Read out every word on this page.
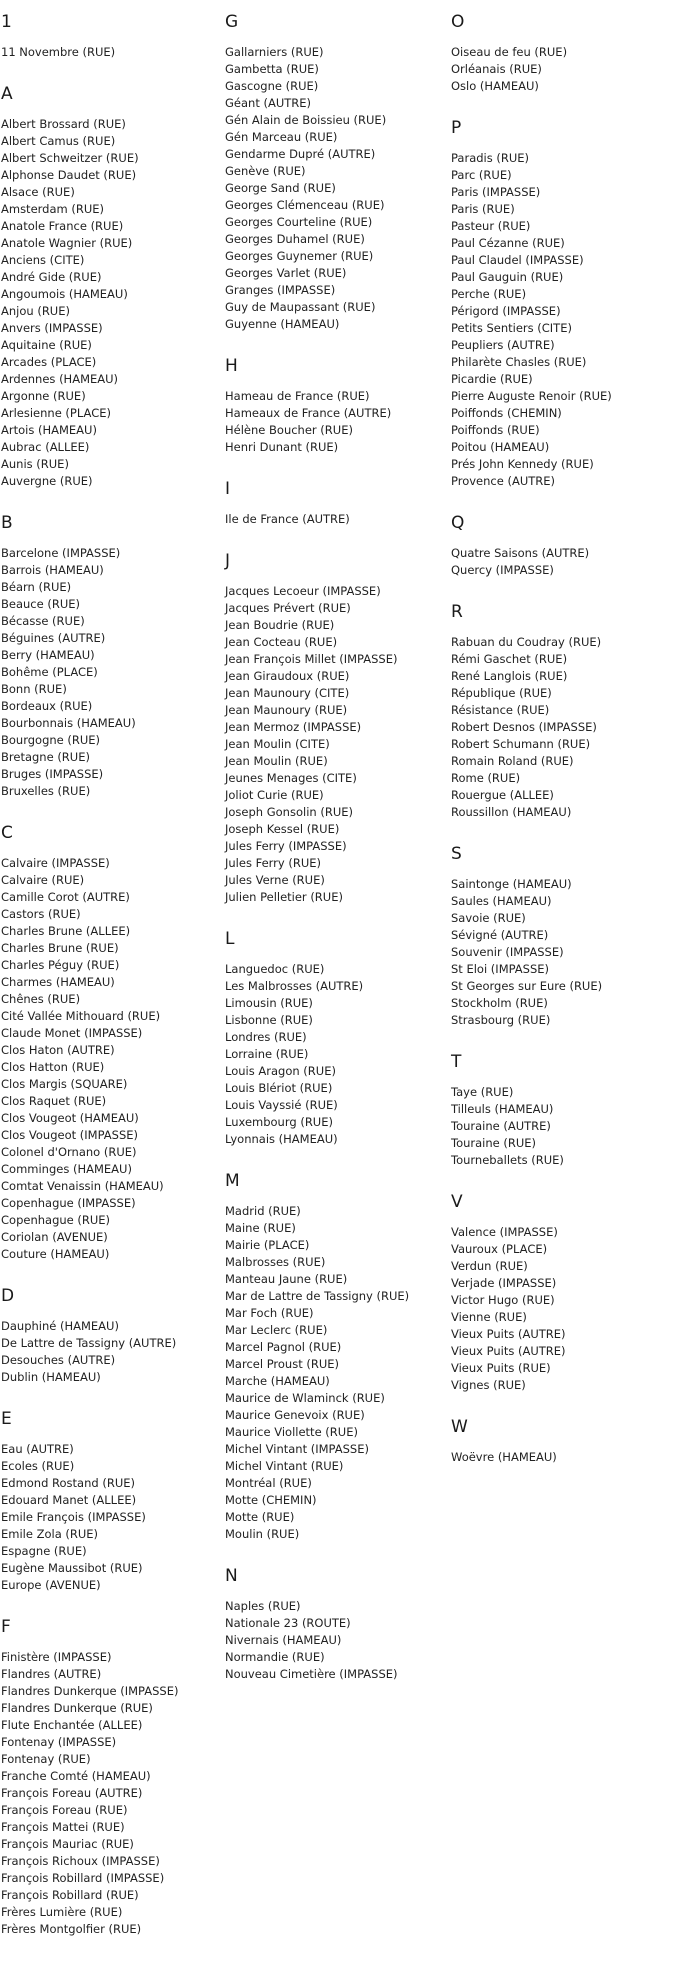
1
11 Novembre (RUE)
A
Albert Brossard (RUE)
Albert Camus (RUE)
Albert Schweitzer (RUE)
Alphonse Daudet (RUE)
Alsace (RUE)
Amsterdam (RUE)
Anatole France (RUE)
Anatole Wagnier (RUE)
Anciens (CITE)
André Gide (RUE)
Angoumois (HAMEAU)
Anjou (RUE)
Anvers (IMPASSE)
Aquitaine (RUE)
Arcades (PLACE)
Ardennes (HAMEAU)
Argonne (RUE)
Arlesienne (PLACE)
Artois (HAMEAU)
Aubrac (ALLEE)
Aunis (RUE)
Auvergne (RUE)
B
Barcelone (IMPASSE)
Barrois (HAMEAU)
Béarn (RUE)
Beauce (RUE)
Bécasse (RUE)
Béguines (AUTRE)
Berry (HAMEAU)
Bohême (PLACE)
Bonn (RUE)
Bordeaux (RUE)
Bourbonnais (HAMEAU)
Bourgogne (RUE)
Bretagne (RUE)
Bruges (IMPASSE)
Bruxelles (RUE)
C
Calvaire (IMPASSE)
Calvaire (RUE)
Camille Corot (AUTRE)
Castors (RUE)
Charles Brune (ALLEE)
Charles Brune (RUE)
Charles Péguy (RUE)
Charmes (HAMEAU)
Chênes (RUE)
Cité Vallée Mithouard (RUE)
Claude Monet (IMPASSE)
Clos Haton (AUTRE)
Clos Hatton (RUE)
Clos Margis (SQUARE)
Clos Raquet (RUE)
Clos Vougeot (HAMEAU)
Clos Vougeot (IMPASSE)
Colonel d'Ornano (RUE)
Comminges (HAMEAU)
Comtat Venaissin (HAMEAU)
Copenhague (IMPASSE)
Copenhague (RUE)
Coriolan (AVENUE)
Couture (HAMEAU)
D
Dauphiné (HAMEAU)
De Lattre de Tassigny (AUTRE)
Desouches (AUTRE)
Dublin (HAMEAU)
E
Eau (AUTRE)
Ecoles (RUE)
Edmond Rostand (RUE)
Edouard Manet (ALLEE)
Emile François (IMPASSE)
Emile Zola (RUE)
Espagne (RUE)
Eugène Maussibot (RUE)
Europe (AVENUE)
F
Finistère (IMPASSE)
Flandres (AUTRE)
Flandres Dunkerque (IMPASSE)
Flandres Dunkerque (RUE)
Flute Enchantée (ALLEE)
Fontenay (IMPASSE)
Fontenay (RUE)
Franche Comté (HAMEAU)
François Foreau (AUTRE)
François Foreau (RUE)
François Mattei (RUE)
François Mauriac (RUE)
François Richoux (IMPASSE)
François Robillard (IMPASSE)
François Robillard (RUE)
Frères Lumière (RUE)
Frères Montgolfier (RUE)
G
Gallarniers (RUE)
Gambetta (RUE)
Gascogne (RUE)
Géant (AUTRE)
Gén Alain de Boissieu (RUE)
Gén Marceau (RUE)
Gendarme Dupré (AUTRE)
Genève (RUE)
George Sand (RUE)
Georges Clémenceau (RUE)
Georges Courteline (RUE)
Georges Duhamel (RUE)
Georges Guynemer (RUE)
Georges Varlet (RUE)
Granges (IMPASSE)
Guy de Maupassant (RUE)
Guyenne (HAMEAU)
H
Hameau de France (RUE)
Hameaux de France (AUTRE)
Hélène Boucher (RUE)
Henri Dunant (RUE)
I
Ile de France (AUTRE)
J
Jacques Lecoeur (IMPASSE)
Jacques Prévert (RUE)
Jean Boudrie (RUE)
Jean Cocteau (RUE)
Jean François Millet (IMPASSE)
Jean Giraudoux (RUE)
Jean Maunoury (CITE)
Jean Maunoury (RUE)
Jean Mermoz (IMPASSE)
Jean Moulin (CITE)
Jean Moulin (RUE)
Jeunes Menages (CITE)
Joliot Curie (RUE)
Joseph Gonsolin (RUE)
Joseph Kessel (RUE)
Jules Ferry (IMPASSE)
Jules Ferry (RUE)
Jules Verne (RUE)
Julien Pelletier (RUE)
L
Languedoc (RUE)
Les Malbrosses (AUTRE)
Limousin (RUE)
Lisbonne (RUE)
Londres (RUE)
Lorraine (RUE)
Louis Aragon (RUE)
Louis Blériot (RUE)
Louis Vayssié (RUE)
Luxembourg (RUE)
Lyonnais (HAMEAU)
M
Madrid (RUE)
Maine (RUE)
Mairie (PLACE)
Malbrosses (RUE)
Manteau Jaune (RUE)
Mar de Lattre de Tassigny (RUE)
Mar Foch (RUE)
Mar Leclerc (RUE)
Marcel Pagnol (RUE)
Marcel Proust (RUE)
Marche (HAMEAU)
Maurice de Wlaminck (RUE)
Maurice Genevoix (RUE)
Maurice Viollette (RUE)
Michel Vintant (IMPASSE)
Michel Vintant (RUE)
Montréal (RUE)
Motte (CHEMIN)
Motte (RUE)
Moulin (RUE)
N
Naples (RUE)
Nationale 23 (ROUTE)
Nivernais (HAMEAU)
Normandie (RUE)
Nouveau Cimetière (IMPASSE)
O
Oiseau de feu (RUE)
Orléanais (RUE)
Oslo (HAMEAU)
P
Paradis (RUE)
Parc (RUE)
Paris (IMPASSE)
Paris (RUE)
Pasteur (RUE)
Paul Cézanne (RUE)
Paul Claudel (IMPASSE)
Paul Gauguin (RUE)
Perche (RUE)
Périgord (IMPASSE)
Petits Sentiers (CITE)
Peupliers (AUTRE)
Philarète Chasles (RUE)
Picardie (RUE)
Pierre Auguste Renoir (RUE)
Poiffonds (CHEMIN)
Poiffonds (RUE)
Poitou (HAMEAU)
Prés John Kennedy (RUE)
Provence (AUTRE)
Q
Quatre Saisons (AUTRE)
Quercy (IMPASSE)
R
Rabuan du Coudray (RUE)
Rémi Gaschet (RUE)
René Langlois (RUE)
République (RUE)
Résistance (RUE)
Robert Desnos (IMPASSE)
Robert Schumann (RUE)
Romain Roland (RUE)
Rome (RUE)
Rouergue (ALLEE)
Roussillon (HAMEAU)
S
Saintonge (HAMEAU)
Saules (HAMEAU)
Savoie (RUE)
Sévigné (AUTRE)
Souvenir (IMPASSE)
St Eloi (IMPASSE)
St Georges sur Eure (RUE)
Stockholm (RUE)
Strasbourg (RUE)
T
Taye (RUE)
Tilleuls (HAMEAU)
Touraine (AUTRE)
Touraine (RUE)
Tourneballets (RUE)
V
Valence (IMPASSE)
Vauroux (PLACE)
Verdun (RUE)
Verjade (IMPASSE)
Victor Hugo (RUE)
Vienne (RUE)
Vieux Puits (AUTRE)
Vieux Puits (AUTRE)
Vieux Puits (RUE)
Vignes (RUE)
W
Woëvre (HAMEAU)
